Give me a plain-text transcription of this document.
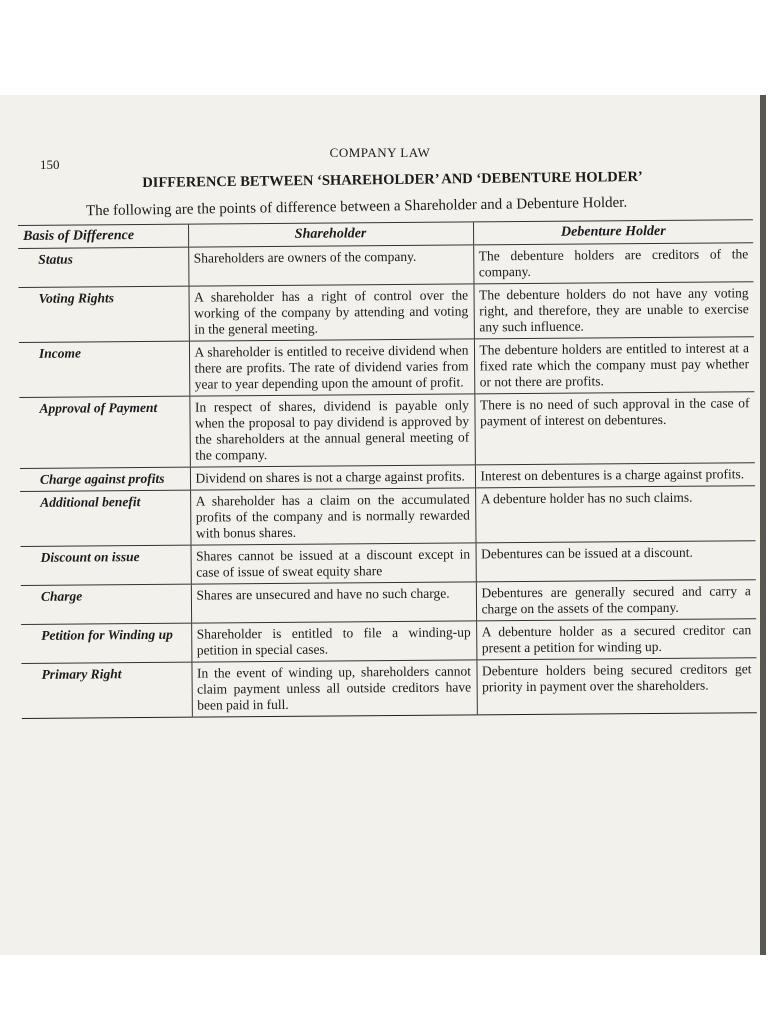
COMPANY LAW
150
DIFFERENCE BETWEEN ‘SHAREHOLDER’ AND ‘DEBENTURE HOLDER’
The following are the points of difference between a Shareholder and a Debenture Holder.
Basis of Difference	Shareholder	Debenture Holder
Status	Shareholders are owners of the company.	The debenture holders are creditors of the company.
Voting Rights	A shareholder has a right of control over the working of the company by attending and voting in the general meeting.	The debenture holders do not have any voting right, and therefore, they are unable to exercise any such influence.
Income	A shareholder is entitled to receive dividend when there are profits. The rate of dividend varies from year to year depending upon the amount of profit.	The debenture holders are entitled to interest at a fixed rate which the company must pay whether or not there are profits.
Approval of Payment	In respect of shares, dividend is payable only when the proposal to pay dividend is approved by the shareholders at the annual general meeting of the company.	There is no need of such approval in the case of payment of interest on debentures.
Charge against profits	Dividend on shares is not a charge against profits.	Interest on debentures is a charge against profits.
Additional benefit	A shareholder has a claim on the accumulated profits of the company and is normally rewarded with bonus shares.	A debenture holder has no such claims.
Discount on issue	Shares cannot be issued at a discount except in case of issue of sweat equity share	Debentures can be issued at a discount.
Charge	Shares are unsecured and have no such charge.	Debentures are generally secured and carry a charge on the assets of the company.
Petition for Winding up	Shareholder is entitled to file a winding-up petition in special cases.	A debenture holder as a secured creditor can present a petition for winding up.
Primary Right	In the event of winding up, shareholders cannot claim payment unless all outside creditors have been paid in full.	Debenture holders being secured creditors get priority in payment over the shareholders.
